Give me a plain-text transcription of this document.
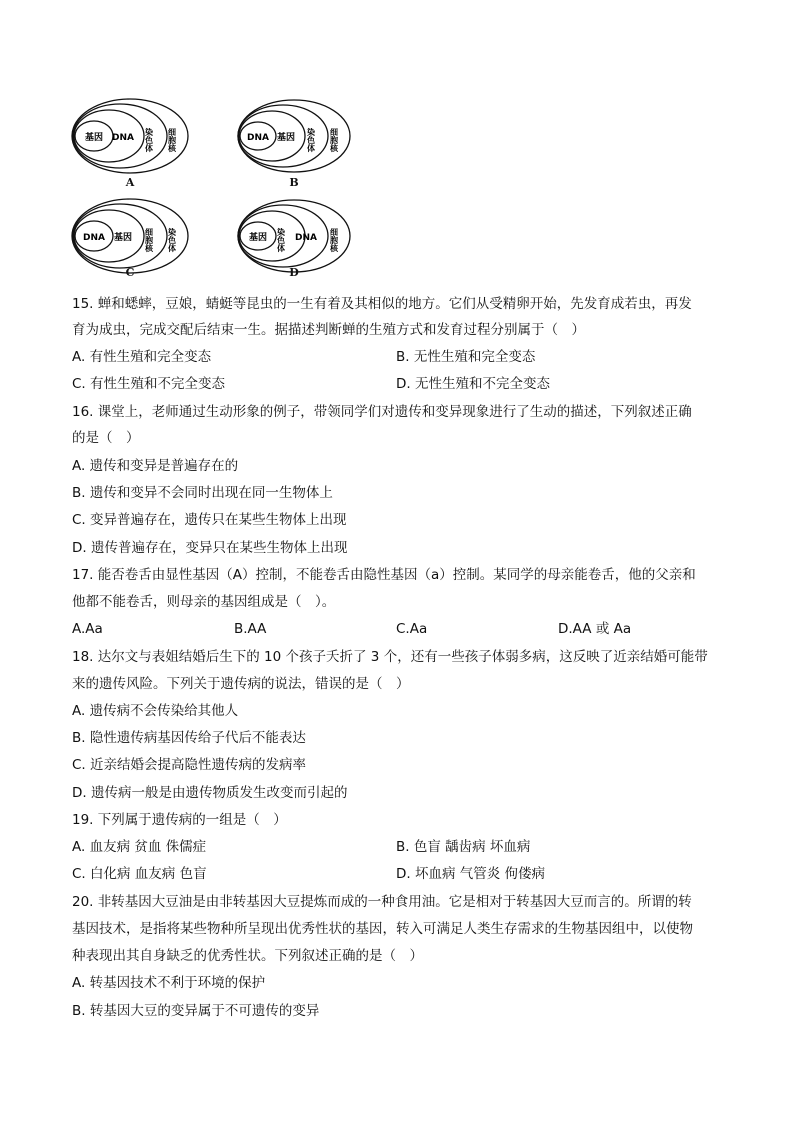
基因 DNA 染色体 细胞核
A
DNA 基因 染色体 细胞核
B
DNA 基因 细胞核 染色体
C
基因 染色体 DNA 细胞核
D
15. 蝉和蟋蟀，豆娘，蜻蜓等昆虫的一生有着及其相似的地方。它们从受精卵开始，先发育成若虫，再发
育为成虫，完成交配后结束一生。据描述判断蝉的生殖方式和发育过程分别属于（　）
A. 有性生殖和完全变态	B. 无性生殖和完全变态
C. 有性生殖和不完全变态	D. 无性生殖和不完全变态
16. 课堂上，老师通过生动形象的例子，带领同学们对遗传和变异现象进行了生动的描述，下列叙述正确
的是（　）
A. 遗传和变异是普遍存在的
B. 遗传和变异不会同时出现在同一生物体上
C. 变异普遍存在，遗传只在某些生物体上出现
D. 遗传普遍存在，变异只在某些生物体上出现
17. 能否卷舌由显性基因（A）控制，不能卷舌由隐性基因（a）控制。某同学的母亲能卷舌，他的父亲和
他都不能卷舌，则母亲的基因组成是（　）。
A.Aa	B.AA	C.Aa	D.AA 或 Aa
18. 达尔文与表姐结婚后生下的 10 个孩子夭折了 3 个，还有一些孩子体弱多病，这反映了近亲结婚可能带
来的遗传风险。下列关于遗传病的说法，错误的是（　）
A. 遗传病不会传染给其他人
B. 隐性遗传病基因传给子代后不能表达
C. 近亲结婚会提高隐性遗传病的发病率
D. 遗传病一般是由遗传物质发生改变而引起的
19. 下列属于遗传病的一组是（　）
A. 血友病 贫血 侏儒症	B. 色盲 龋齿病 坏血病
C. 白化病 血友病 色盲	D. 坏血病 气管炎 佝偻病
20. 非转基因大豆油是由非转基因大豆提炼而成的一种食用油。它是相对于转基因大豆而言的。所谓的转
基因技术，是指将某些物种所呈现出优秀性状的基因，转入可满足人类生存需求的生物基因组中，以使物
种表现出其自身缺乏的优秀性状。下列叙述正确的是（　）
A. 转基因技术不利于环境的保护
B. 转基因大豆的变异属于不可遗传的变异
